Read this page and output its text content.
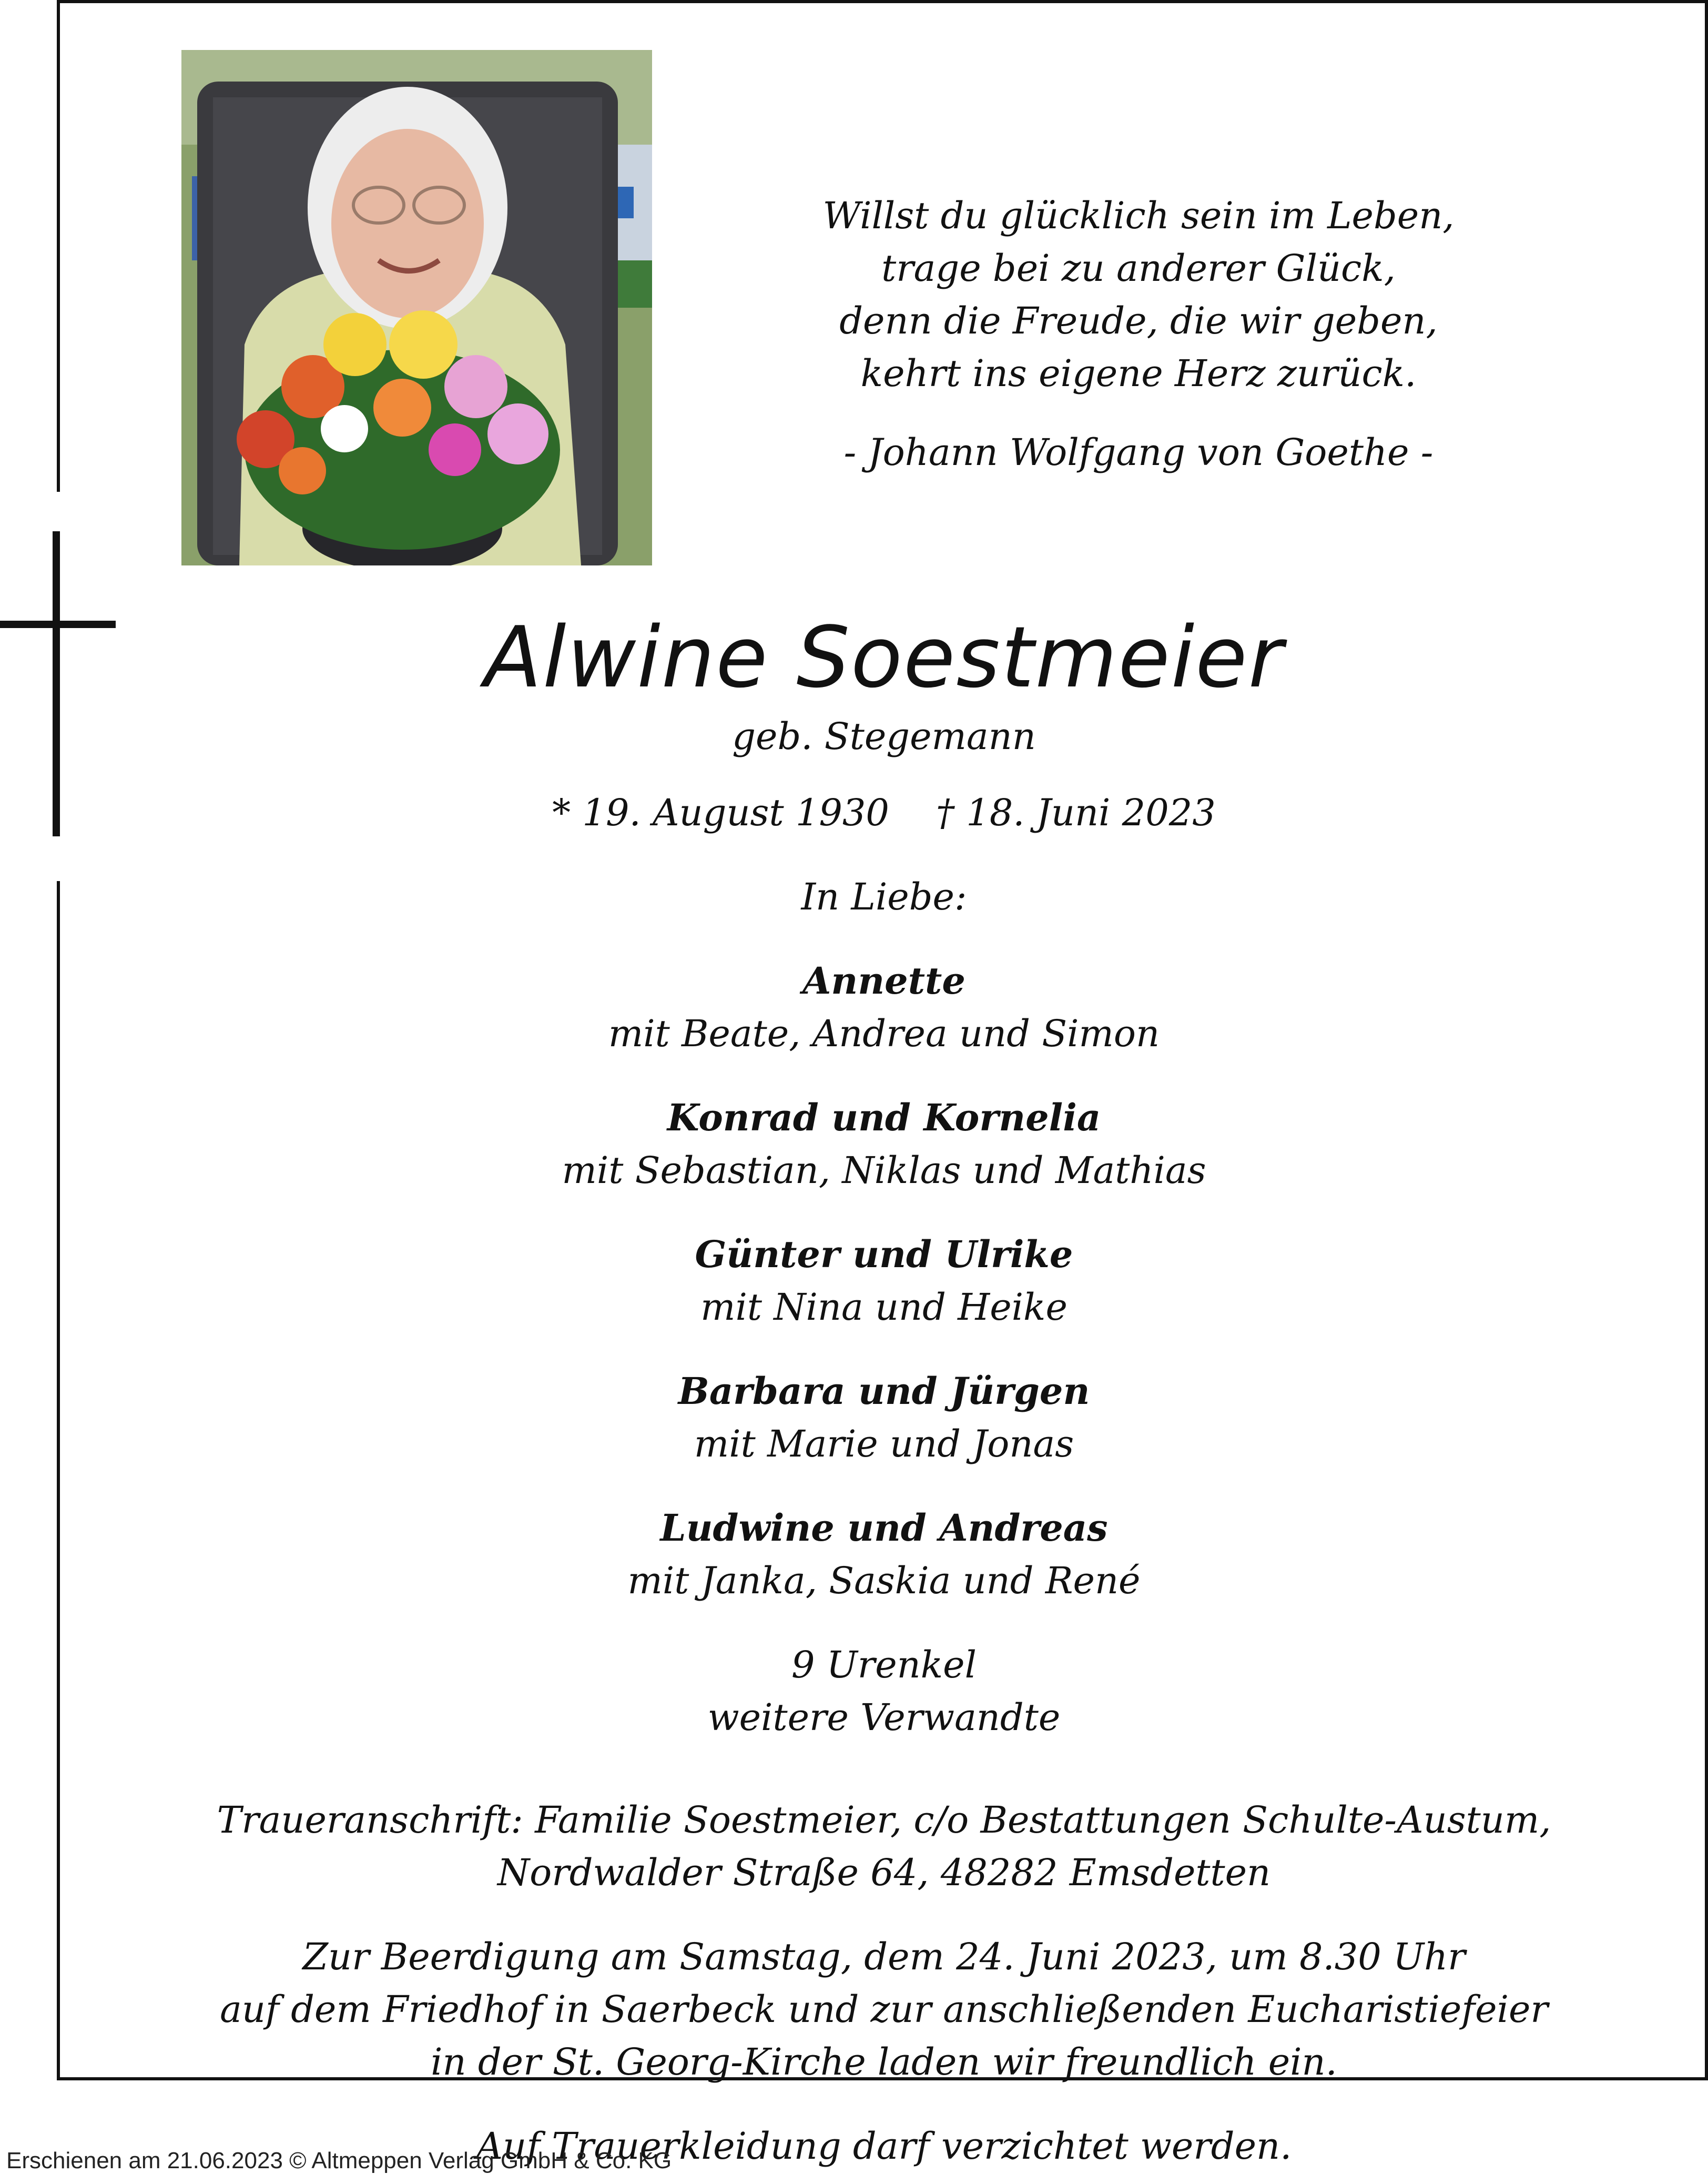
Willst du glücklich sein im Leben,
trage bei zu anderer Glück,
denn die Freude, die wir geben,
kehrt ins eigene Herz zurück.
- Johann Wolfgang von Goethe -
Alwine Soestmeier
geb. Stegemann
* 19. August 1930    † 18. Juni 2023
In Liebe:
Annette
mit Beate, Andrea und Simon
Konrad und Kornelia
mit Sebastian, Niklas und Mathias
Günter und Ulrike
mit Nina und Heike
Barbara und Jürgen
mit Marie und Jonas
Ludwine und Andreas
mit Janka, Saskia und René
9 Urenkel
weitere Verwandte
Traueranschrift: Familie Soestmeier, c/o Bestattungen Schulte-Austum,
Nordwalder Straße 64, 48282 Emsdetten
Zur Beerdigung am Samstag, dem 24. Juni 2023, um 8.30 Uhr
auf dem Friedhof in Saerbeck und zur anschließenden Eucharistiefeier
in der St. Georg-Kirche laden wir freundlich ein.
Auf Trauerkleidung darf verzichtet werden.
Erschienen am 21.06.2023 © Altmeppen Verlag GmbH & Co. KG
